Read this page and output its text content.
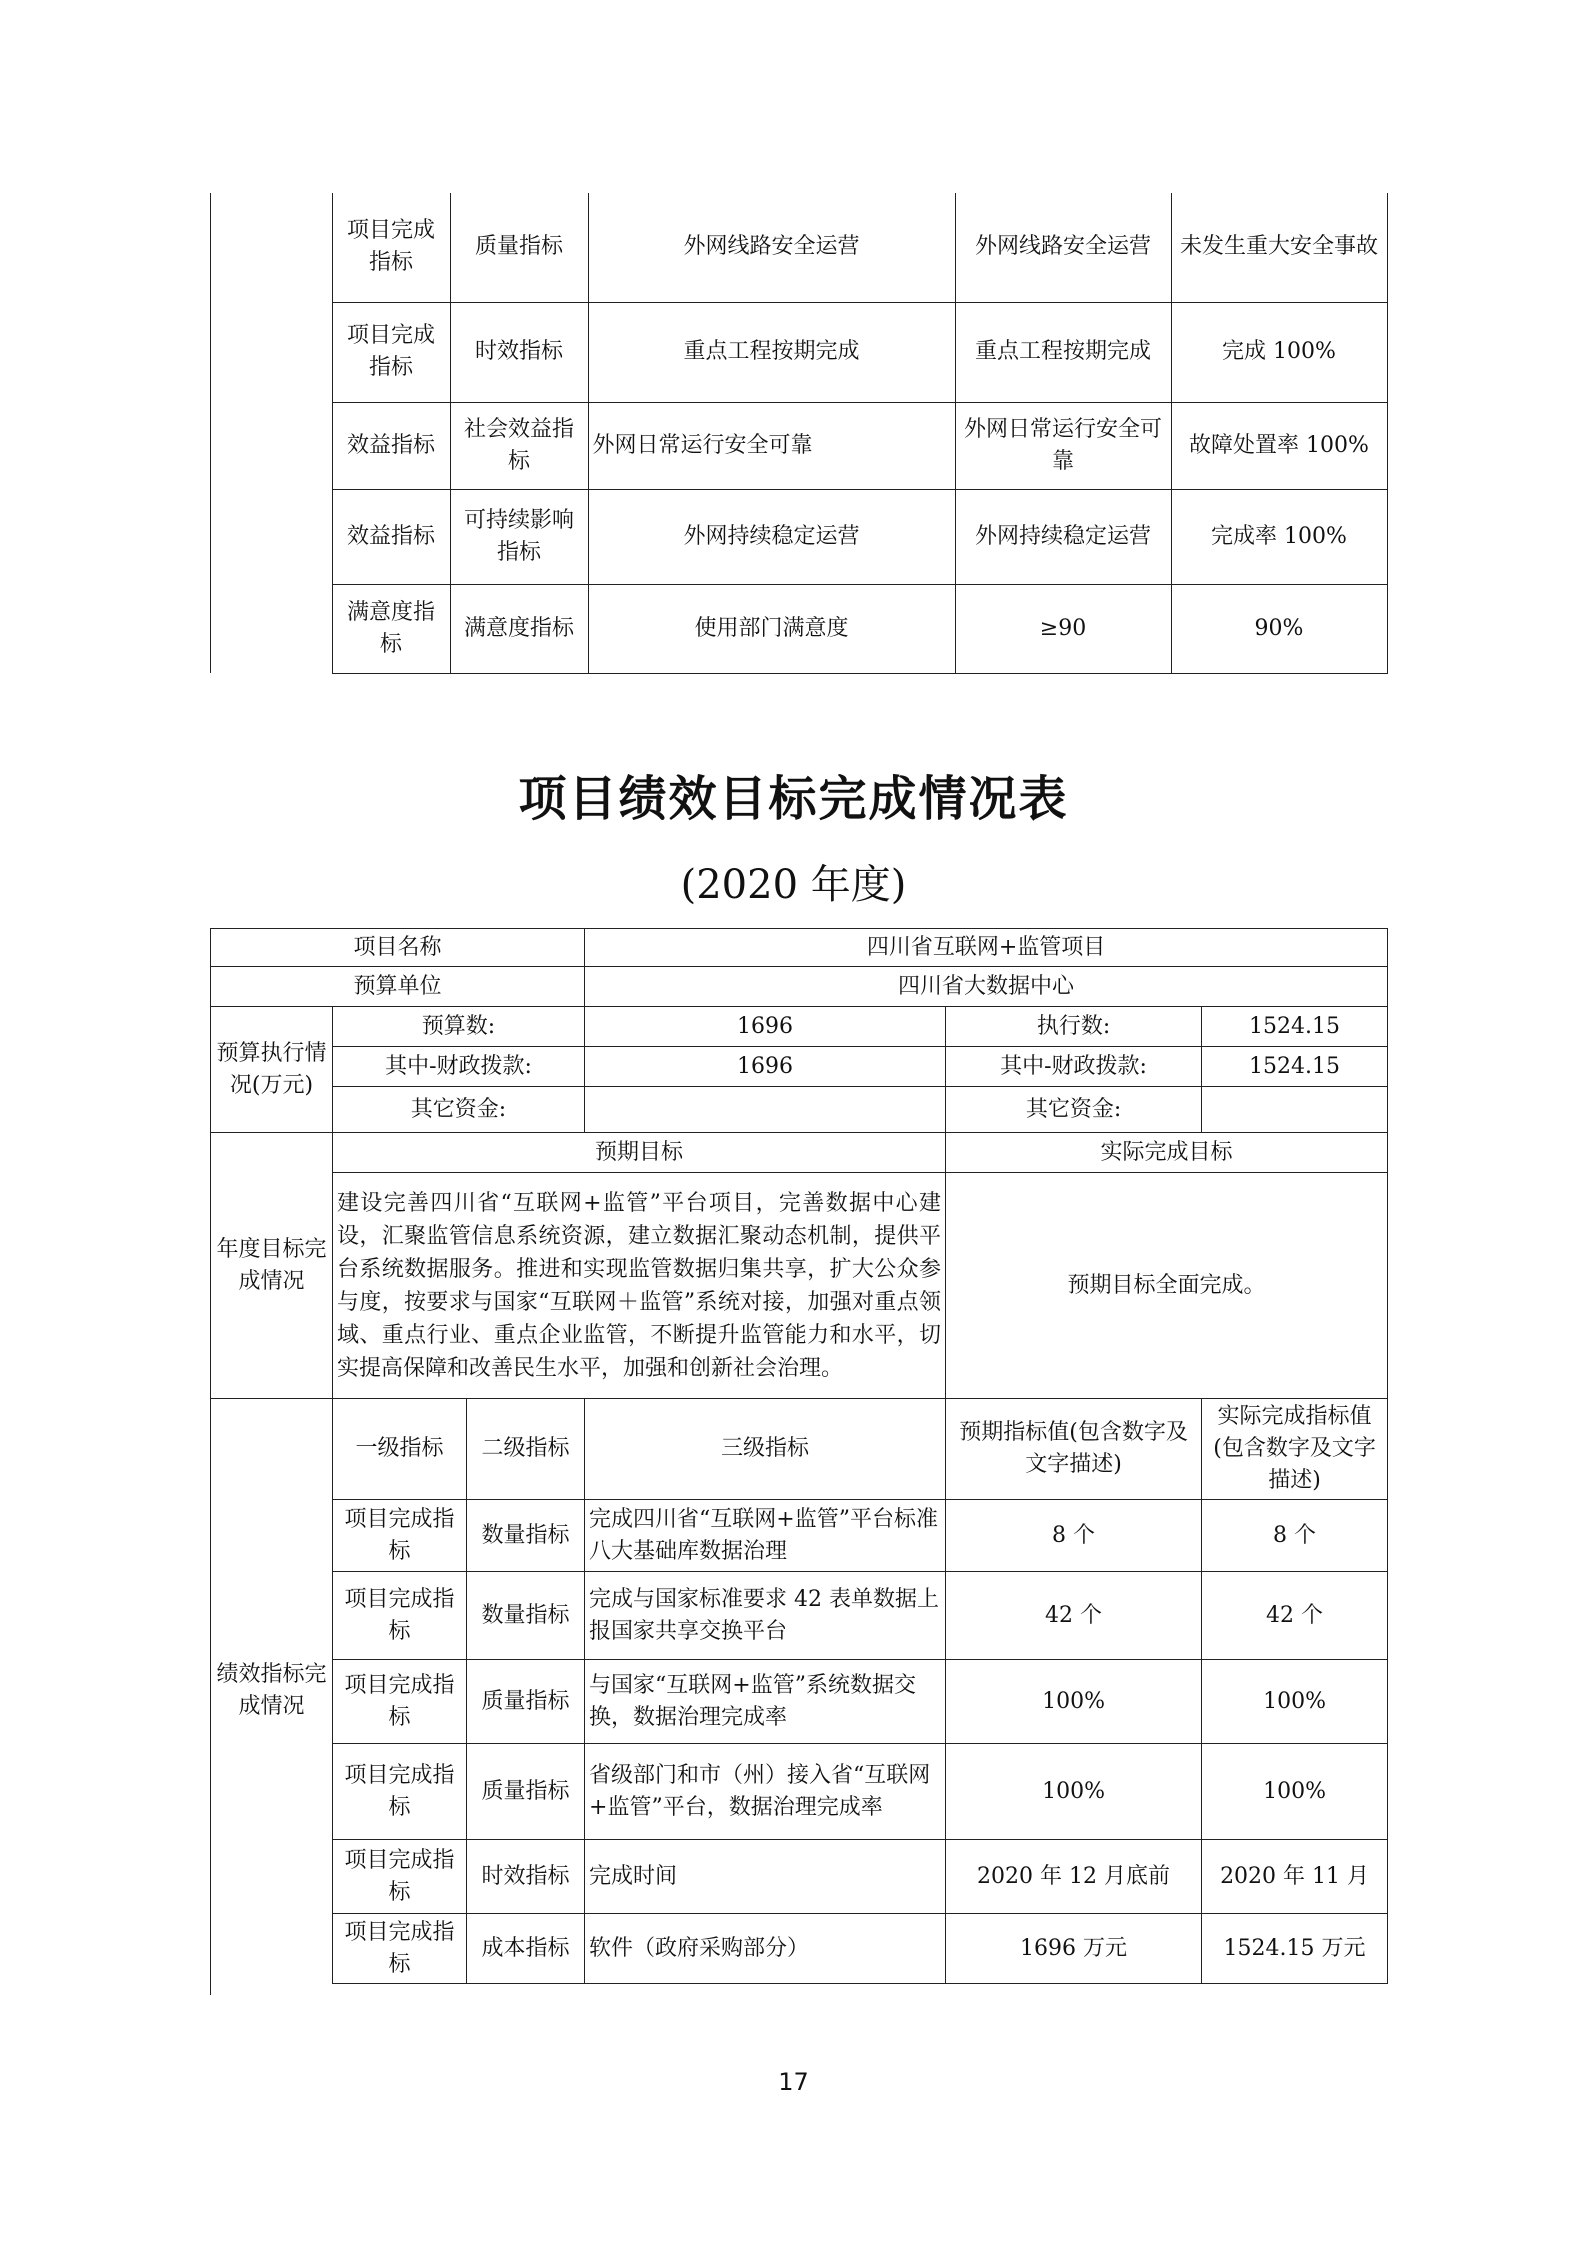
	项目完成指标	质量指标	外网线路安全运营	外网线路安全运营	未发生重大安全事故
	项目完成指标	时效指标	重点工程按期完成	重点工程按期完成	完成 100%
	效益指标	社会效益指标	外网日常运行安全可靠	外网日常运行安全可靠	故障处置率 100%
	效益指标	可持续影响指标	外网持续稳定运营	外网持续稳定运营	完成率 100%
	满意度指标	满意度指标	使用部门满意度	≥90	90%
项目绩效目标完成情况表
(2020 年度)
项目名称			四川省互联网+监管项目		
预算单位			四川省大数据中心		
预算执行情况(万元)	预算数:		1696	执行数:	1524.15
	其中-财政拨款:		1696	其中-财政拨款:	1524.15
	其它资金:			其它资金:	
年度目标完成情况	预期目标			实际完成目标	
	建设完善四川省“互联网+监管”平台项目，完善数据中心建设，汇聚监管信息系统资源，建立数据汇聚动态机制，提供平台系统数据服务。推进和实现监管数据归集共享，扩大公众参与度，按要求与国家“互联网＋监管”系统对接，加强对重点领域、重点行业、重点企业监管，不断提升监管能力和水平，切实提高保障和改善民生水平，加强和创新社会治理。			预期目标全面完成。	
绩效指标完成情况	一级指标	二级指标	三级指标	预期指标值(包含数字及文字描述)	实际完成指标值(包含数字及文字描述)
	项目完成指标	数量指标	完成四川省“互联网+监管”平台标准八大基础库数据治理	8 个	8 个
	项目完成指标	数量指标	完成与国家标准要求 42 表单数据上报国家共享交换平台	42 个	42 个
	项目完成指标	质量指标	与国家“互联网+监管”系统数据交换，数据治理完成率	100%	100%
	项目完成指标	质量指标	省级部门和市（州）接入省“互联网+监管”平台，数据治理完成率	100%	100%
	项目完成指标	时效指标	完成时间	2020 年 12 月底前	2020 年 11 月
	项目完成指标	成本指标	软件（政府采购部分）	1696 万元	1524.15 万元
17
